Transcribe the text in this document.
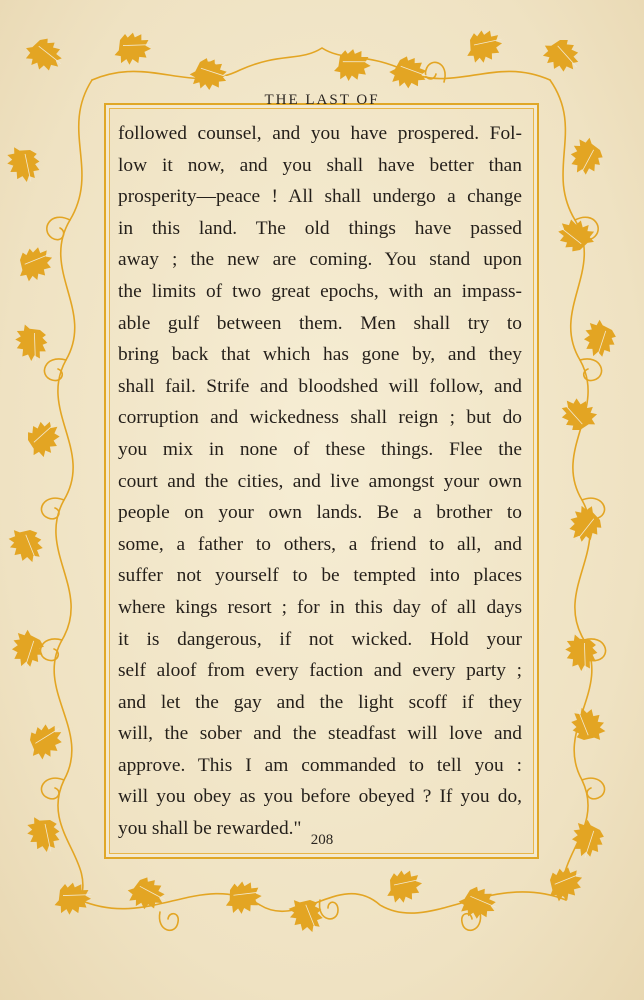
THE LAST OF
followed counsel, and you have prospered. Fol-
low it now, and you shall have better than
prosperity—peace ! All shall undergo a change
in this land. The old things have passed
away ; the new are coming. You stand upon
the limits of two great epochs, with an impass-
able gulf between them. Men shall try to
bring back that which has gone by, and they
shall fail. Strife and bloodshed will follow, and
corruption and wickedness shall reign ; but do
you mix in none of these things. Flee the
court and the cities, and live amongst your own
people on your own lands. Be a brother to
some, a father to others, a friend to all, and
suffer not yourself to be tempted into places
where kings resort ; for in this day of all days
it is dangerous, if not wicked. Hold your
self aloof from every faction and every party ;
and let the gay and the light scoff if they
will, the sober and the steadfast will love and
approve. This I am commanded to tell you :
will you obey as you before obeyed ? If you do,
you shall be rewarded."
208
